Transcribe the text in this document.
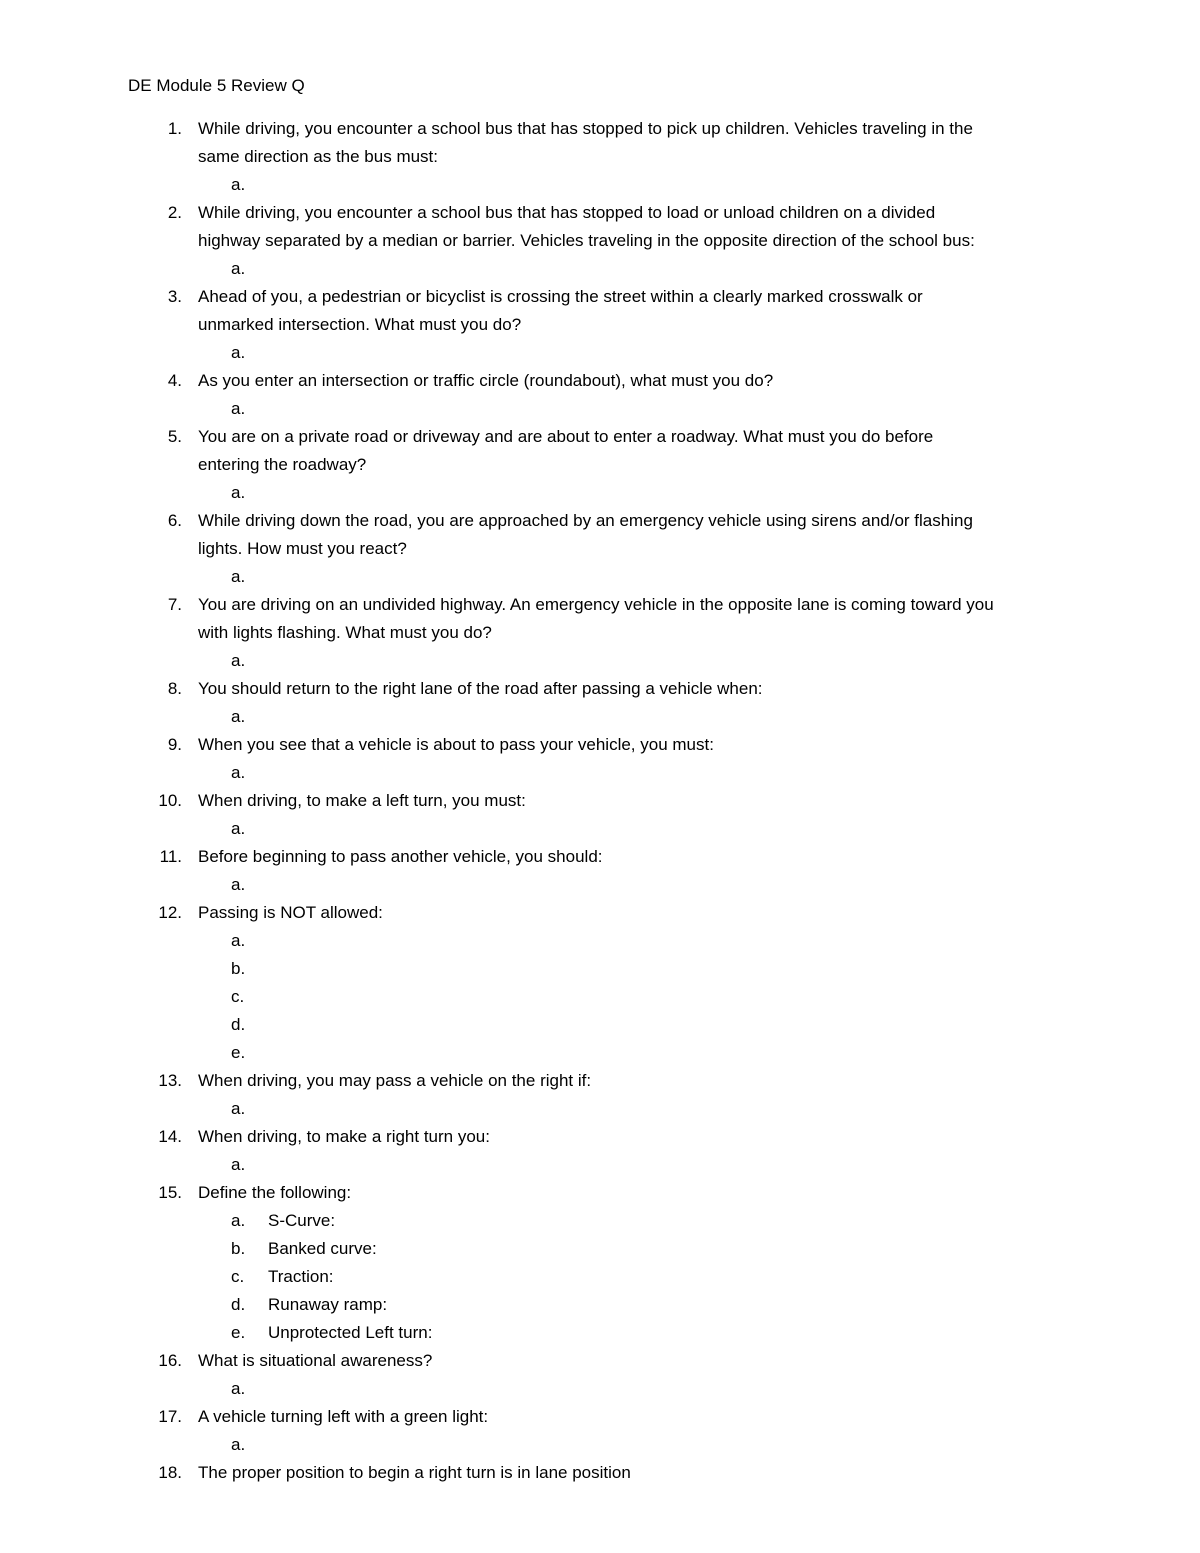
DE Module 5 Review Q
1. While driving, you encounter a school bus that has stopped to pick up children. Vehicles traveling in the
same direction as the bus must:
a.
2. While driving, you encounter a school bus that has stopped to load or unload children on a divided
highway separated by a median or barrier. Vehicles traveling in the opposite direction of the school bus:
a.
3. Ahead of you, a pedestrian or bicyclist is crossing the street within a clearly marked crosswalk or
unmarked intersection. What must you do?
a.
4. As you enter an intersection or traffic circle (roundabout), what must you do?
a.
5. You are on a private road or driveway and are about to enter a roadway. What must you do before
entering the roadway?
a.
6. While driving down the road, you are approached by an emergency vehicle using sirens and/or flashing
lights. How must you react?
a.
7. You are driving on an undivided highway. An emergency vehicle in the opposite lane is coming toward you
with lights flashing. What must you do?
a.
8. You should return to the right lane of the road after passing a vehicle when:
a.
9. When you see that a vehicle is about to pass your vehicle, you must:
a.
10. When driving, to make a left turn, you must:
a.
11. Before beginning to pass another vehicle, you should:
a.
12. Passing is NOT allowed:
a.
b.
c.
d.
e.
13. When driving, you may pass a vehicle on the right if:
a.
14. When driving, to make a right turn you:
a.
15. Define the following:
a. S-Curve:
b. Banked curve:
c. Traction:
d. Runaway ramp:
e. Unprotected Left turn:
16. What is situational awareness?
a.
17. A vehicle turning left with a green light:
a.
18. The proper position to begin a right turn is in lane position
